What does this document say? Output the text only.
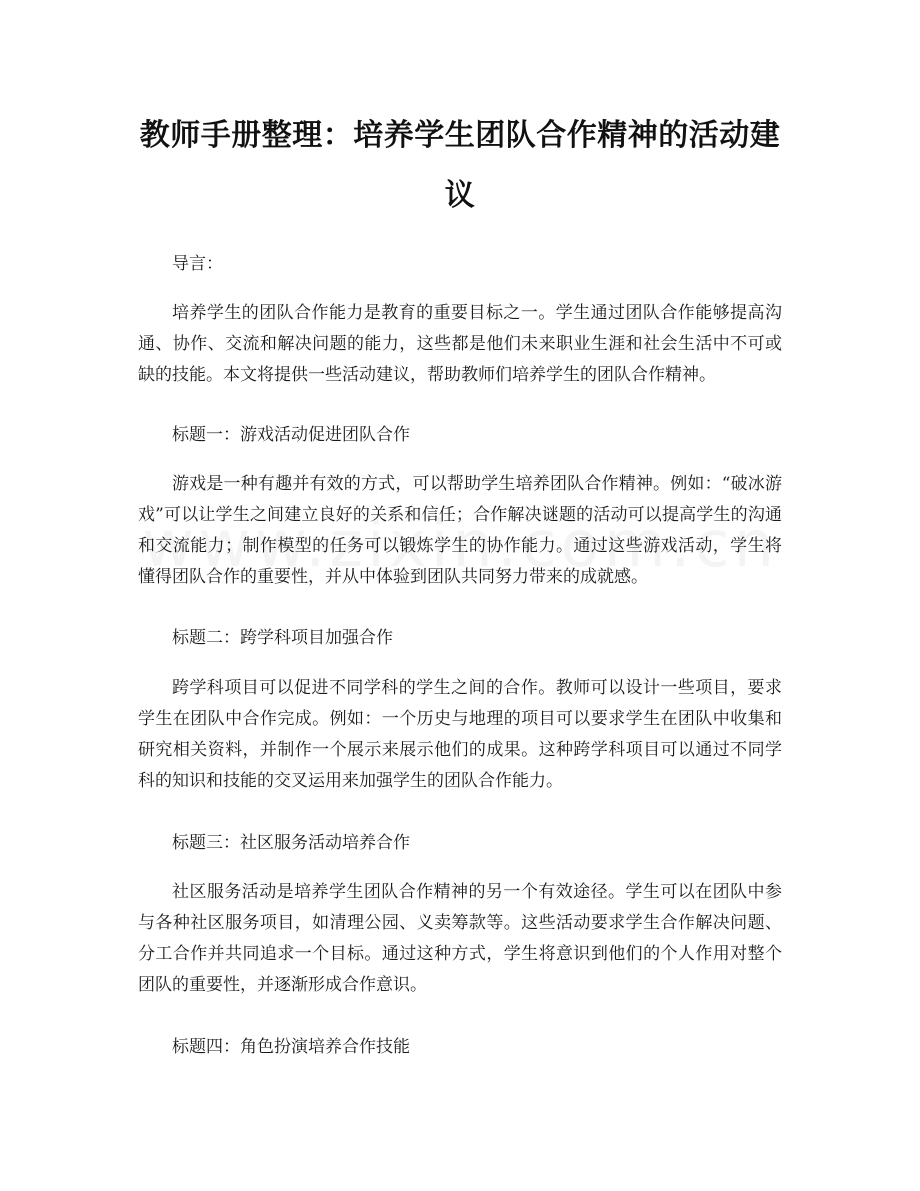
教师手册整理：培养学生团队合作精神的活动建议

导言：

培养学生的团队合作能力是教育的重要目标之一。学生通过团队合作能够提高沟通、协作、交流和解决问题的能力，这些都是他们未来职业生涯和社会生活中不可或缺的技能。本文将提供一些活动建议，帮助教师们培养学生的团队合作精神。

标题一：游戏活动促进团队合作

游戏是一种有趣并有效的方式，可以帮助学生培养团队合作精神。例如：“破冰游戏”可以让学生之间建立良好的关系和信任；合作解决谜题的活动可以提高学生的沟通和交流能力；制作模型的任务可以锻炼学生的协作能力。通过这些游戏活动，学生将懂得团队合作的重要性，并从中体验到团队共同努力带来的成就感。

标题二：跨学科项目加强合作

跨学科项目可以促进不同学科的学生之间的合作。教师可以设计一些项目，要求学生在团队中合作完成。例如：一个历史与地理的项目可以要求学生在团队中收集和研究相关资料，并制作一个展示来展示他们的成果。这种跨学科项目可以通过不同学科的知识和技能的交叉运用来加强学生的团队合作能力。

标题三：社区服务活动培养合作

社区服务活动是培养学生团队合作精神的另一个有效途径。学生可以在团队中参与各种社区服务项目，如清理公园、义卖筹款等。这些活动要求学生合作解决问题、分工合作并共同追求一个目标。通过这种方式，学生将意识到他们的个人作用对整个团队的重要性，并逐渐形成合作意识。

标题四：角色扮演培养合作技能
